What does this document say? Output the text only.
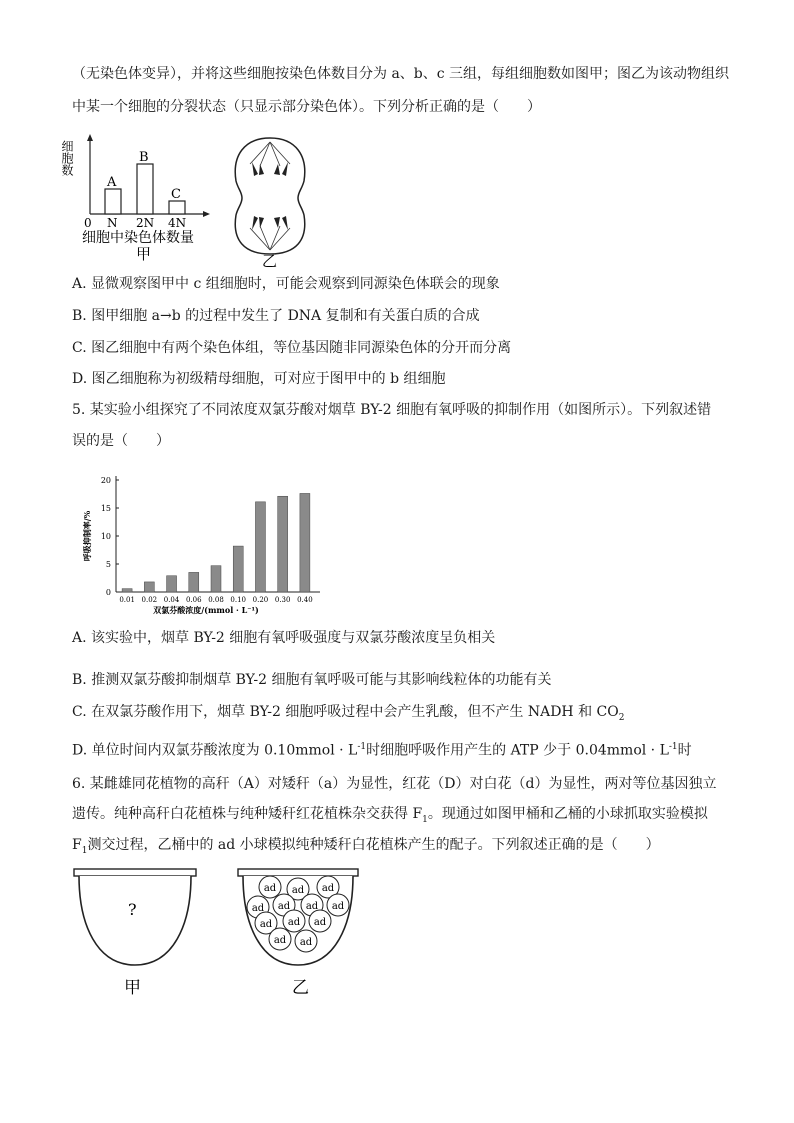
（无染色体变异），并将这些细胞按染色体数目分为 a、b、c 三组，每组细胞数如图甲；图乙为该动物组织
中某一个细胞的分裂状态（只显示部分染色体）。下列分析正确的是（　　）
细胞数
A
B
C
0 N 2N 4N
细胞中染色体数量
甲	乙
A. 显微观察图甲中 c 组细胞时，可能会观察到同源染色体联会的现象
B. 图甲细胞 a→b 的过程中发生了 DNA 复制和有关蛋白质的合成
C. 图乙细胞中有两个染色体组，等位基因随非同源染色体的分开而分离
D. 图乙细胞称为初级精母细胞，可对应于图甲中的 b 组细胞
5. 某实验小组探究了不同浓度双氯芬酸对烟草 BY-2 细胞有氧呼吸的抑制作用（如图所示）。下列叙述错
误的是（　　）
0
5
10
15
20
0.01 0.02 0.04 0.06 0.08 0.10 0.20 0.30 0.40
双氯芬酸浓度/(mmol · L⁻¹)
呼吸抑制率/%
A. 该实验中，烟草 BY-2 细胞有氧呼吸强度与双氯芬酸浓度呈负相关
B. 推测双氯芬酸抑制烟草 BY-2 细胞有氧呼吸可能与其影响线粒体的功能有关
C. 在双氯芬酸作用下，烟草 BY-2 细胞呼吸过程中会产生乳酸，但不产生 NADH 和 $CO_2$
D. 单位时间内双氯芬酸浓度为 0.10mmol · $L^{-1}$时细胞呼吸作用产生的 ATP 少于 0.04mmol · $L^{-1}$时
6. 某雌雄同花植物的高秆（A）对矮秆（a）为显性，红花（D）对白花（d）为显性，两对等位基因独立
遗传。纯种高秆白花植株与纯种矮秆红花植株杂交获得 $F_1$。现通过如图甲桶和乙桶的小球抓取实验模拟
$F_1$测交过程，乙桶中的 ad 小球模拟纯种矮秆白花植株产生的配子。下列叙述正确的是（　　）
?
甲
ad ad ad
ad ad ad ad
ad ad ad
ad ad
乙
